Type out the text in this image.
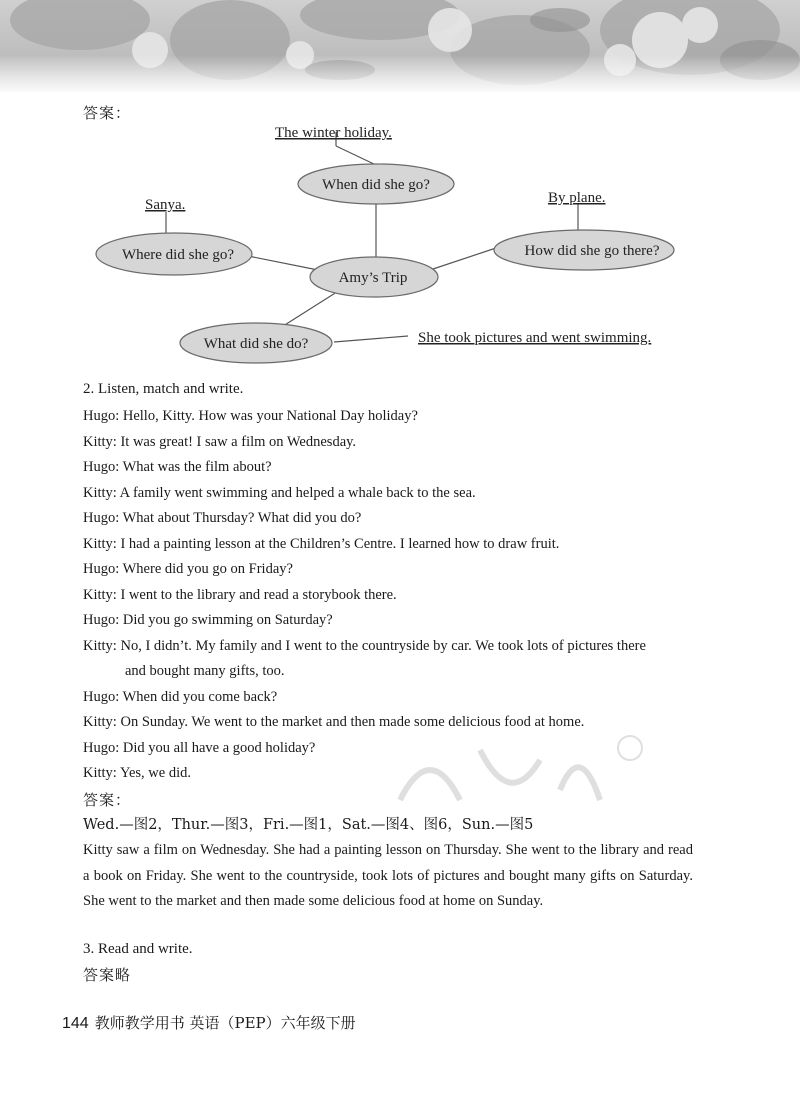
答案：
When did she go?
Where did she go?
Amy’s Trip
How did she go there?
What did she do?
The winter holiday.
Sanya.	By plane.
She took pictures and went swimming.
2. Listen, match and write.
Hugo: Hello, Kitty. How was your National Day holiday?
Kitty: It was great! I saw a film on Wednesday.
Hugo: What was the film about?
Kitty: A family went swimming and helped a whale back to the sea.
Hugo: What about Thursday? What did you do?
Kitty: I had a painting lesson at the Children’s Centre. I learned how to draw fruit.
Hugo: Where did you go on Friday?
Kitty: I went to the library and read a storybook there.
Hugo: Did you go swimming on Saturday?
Kitty: No, I didn’t. My family and I went to the countryside by car. We took lots of pictures there
and bought many gifts, too.
Hugo: When did you come back?
Kitty: On Sunday. We went to the market and then made some delicious food at home.
Hugo: Did you all have a good holiday?
Kitty: Yes, we did.
答案：
Wed.—图2，Thur.—图3，Fri.—图1，Sat.—图4、图6，Sun.—图5
Kitty saw a film on Wednesday. She had a painting lesson on Thursday. She went to the library and read a book on Friday. She went to the countryside, took lots of pictures and bought many gifts on Saturday. She went to the market and then made some delicious food at home on Sunday.
3. Read and write.
答案略
144 教师教学用书 英语（PEP）六年级下册
